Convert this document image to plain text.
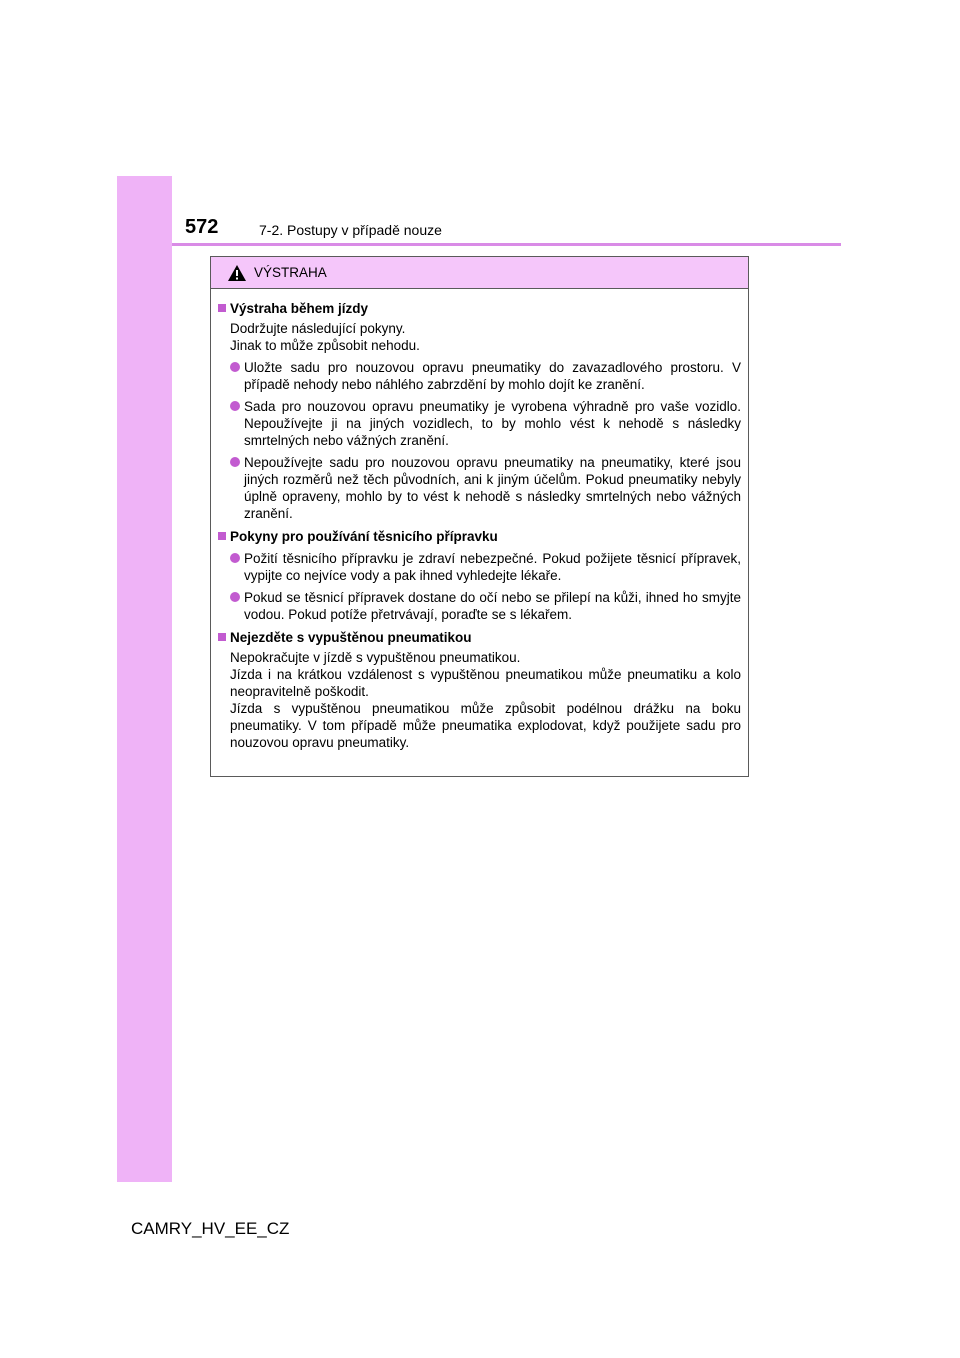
572	7-2. Postupy v případě nouze
VÝSTRAHA
Výstraha během jízdy
Dodržujte následující pokyny.
Jinak to může způsobit nehodu.
Uložte sadu pro nouzovou opravu pneumatiky do zavazadlového prostoru. V případě nehody nebo náhlého zabrzdění by mohlo dojít ke zranění.
Sada pro nouzovou opravu pneumatiky je vyrobena výhradně pro vaše vozidlo. Nepoužívejte ji na jiných vozidlech, to by mohlo vést k nehodě s následky smrtelných nebo vážných zranění.
Nepoužívejte sadu pro nouzovou opravu pneumatiky na pneumatiky, které jsou jiných rozměrů než těch původních, ani k jiným účelům. Pokud pneumatiky nebyly úplně opraveny, mohlo by to vést k nehodě s následky smrtelných nebo vážných zranění.
Pokyny pro používání těsnicího přípravku
Požití těsnicího přípravku je zdraví nebezpečné. Pokud požijete těsnicí přípravek, vypijte co nejvíce vody a pak ihned vyhledejte lékaře.
Pokud se těsnicí přípravek dostane do očí nebo se přilepí na kůži, ihned ho smyjte vodou. Pokud potíže přetrvávají, poraďte se s lékařem.
Nejezděte s vypuštěnou pneumatikou
Nepokračujte v jízdě s vypuštěnou pneumatikou.
Jízda i na krátkou vzdálenost s vypuštěnou pneumatikou může pneumatiku a kolo neopravitelně poškodit.
Jízda s vypuštěnou pneumatikou může způsobit podélnou drážku na boku pneumatiky. V tom případě může pneumatika explodovat, když použijete sadu pro nouzovou opravu pneumatiky.
CAMRY_HV_EE_CZ
